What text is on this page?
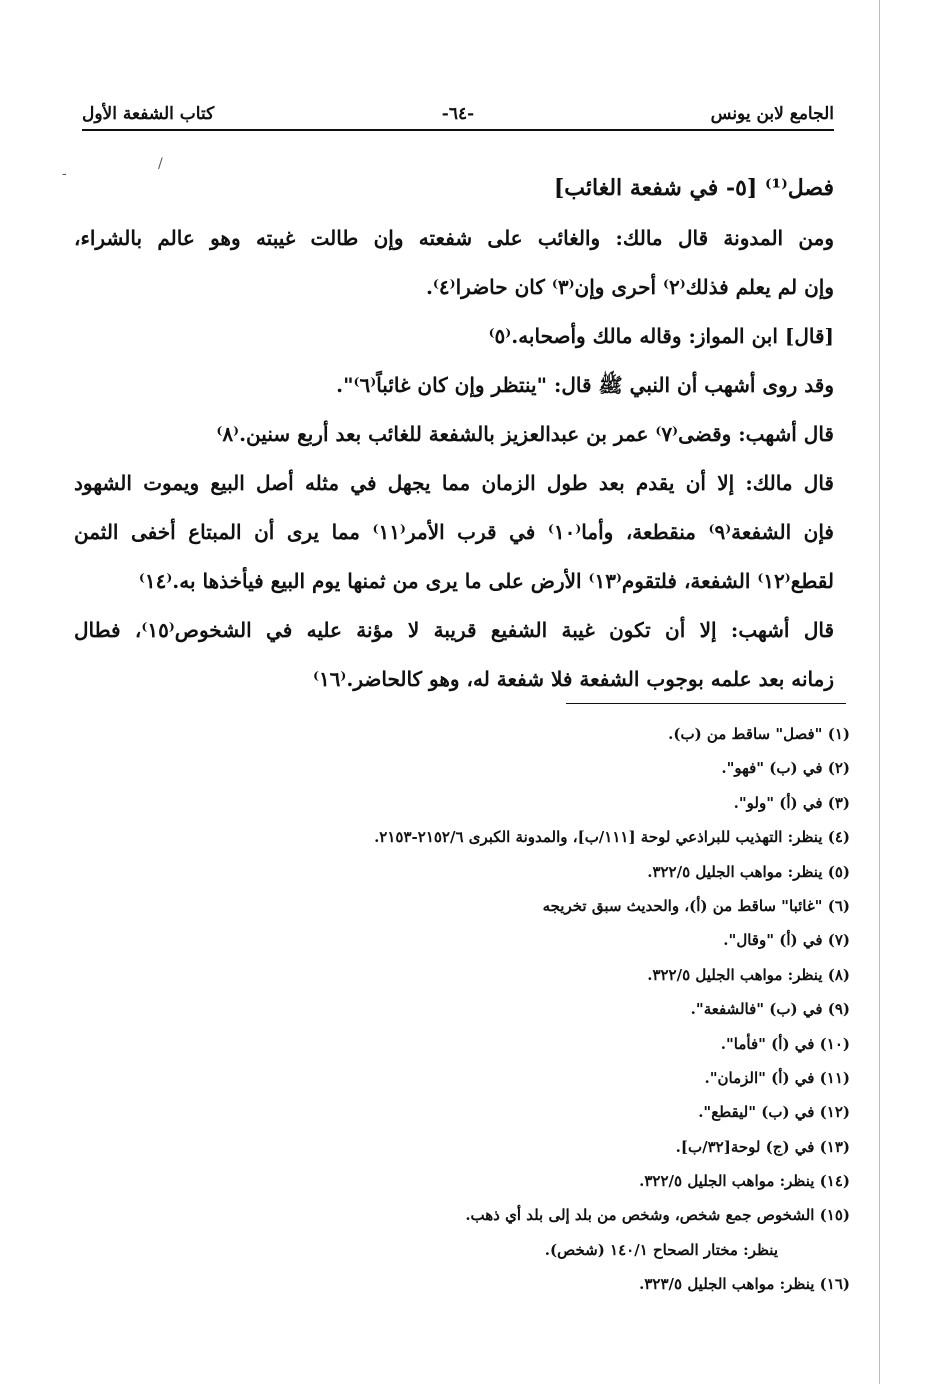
الجامع لابن يونس
-٦٤-
كتاب الشفعة الأول
-
/

فصل⁽¹⁾ [٥- في شفعة الغائب]

ومن المدونة قال مالك: والغائب على شفعته وإن طالت غيبته وهو عالم بالشراء،

وإن لم يعلم فذلك⁽٢⁾ أحرى وإن⁽٣⁾ كان حاضرا⁽٤⁾.

[قال] ابن المواز: وقاله مالك وأصحابه.⁽٥⁾

وقد روى أشهب أن النبي ﷺ قال: "ينتظر وإن كان غائباً⁽٦⁾".

قال أشهب: وقضى⁽٧⁾ عمر بن عبدالعزيز بالشفعة للغائب بعد أربع سنين.⁽٨⁾

قال مالك: إلا أن يقدم بعد طول الزمان مما يجهل في مثله أصل البيع ويموت الشهود

فإن الشفعة⁽٩⁾ منقطعة، وأما⁽١٠⁾ في قرب الأمر⁽١١⁾ مما يرى أن المبتاع أخفى الثمن

لقطع⁽١٢⁾ الشفعة، فلتقوم⁽١٣⁾ الأرض على ما يرى من ثمنها يوم البيع فيأخذها به.⁽١٤⁾

قال أشهب: إلا أن تكون غيبة الشفيع قريبة لا مؤنة عليه في الشخوص⁽١٥⁾، فطال

زمانه بعد علمه بوجوب الشفعة فلا شفعة له، وهو كالحاضر.⁽١٦⁾

(١) "فصل" ساقط من (ب).
(٢) في (ب) "فهو".
(٣) في (أ) "ولو".
(٤) ينظر: التهذيب للبراذعي لوحة [١١١/ب]، والمدونة الكبرى ٢١٥٢/٦-٢١٥٣.
(٥) ينظر: مواهب الجليل ٣٢٢/٥.
(٦) "غائبا" ساقط من (أ)، والحديث سبق تخريجه
(٧) في (أ) "وقال".
(٨) ينظر: مواهب الجليل ٣٢٢/٥.
(٩) في (ب) "فالشفعة".
(١٠) في (أ) "فأما".
(١١) في (أ) "الزمان".
(١٢) في (ب) "ليقطع".
(١٣) في (ج) لوحة[٣٢/ب].
(١٤) ينظر: مواهب الجليل ٣٢٢/٥.
(١٥) الشخوص جمع شخص، وشخص من بلد إلى بلد أي ذهب.
ينظر: مختار الصحاح ١٤٠/١ (شخص).
(١٦) ينظر: مواهب الجليل ٣٢٣/٥.
